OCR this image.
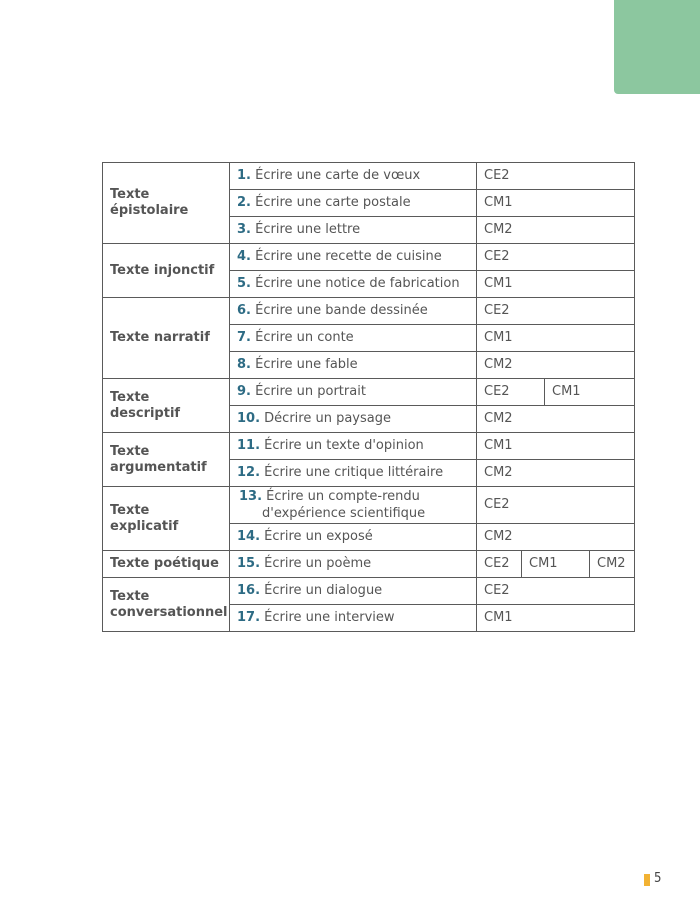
Texte épistolaire	1. Écrire une carte de vœux	CE2			
	2. Écrire une carte postale	CM1			
	3. Écrire une lettre	CM2			
Texte injonctif	4. Écrire une recette de cuisine	CE2			
	5. Écrire une notice de fabrication	CM1			
Texte narratif	6. Écrire une bande dessinée	CE2			
	7. Écrire un conte	CM1			
	8. Écrire une fable	CM2			
Texte descriptif	9. Écrire un portrait	CE2		CM1	
	10. Décrire un paysage	CM2			
Texte argumentatif	11. Écrire un texte d'opinion	CM1			
	12. Écrire une critique littéraire	CM2			
Texte explicatif	13. Écrire un compte-rendu d'expérience scientifique	CE2			
	14. Écrire un exposé	CM2			
Texte poétique	15. Écrire un poème	CE2	CM1		CM2
Texte conversationnel	16. Écrire un dialogue	CE2			
	17. Écrire une interview	CM1			
5
